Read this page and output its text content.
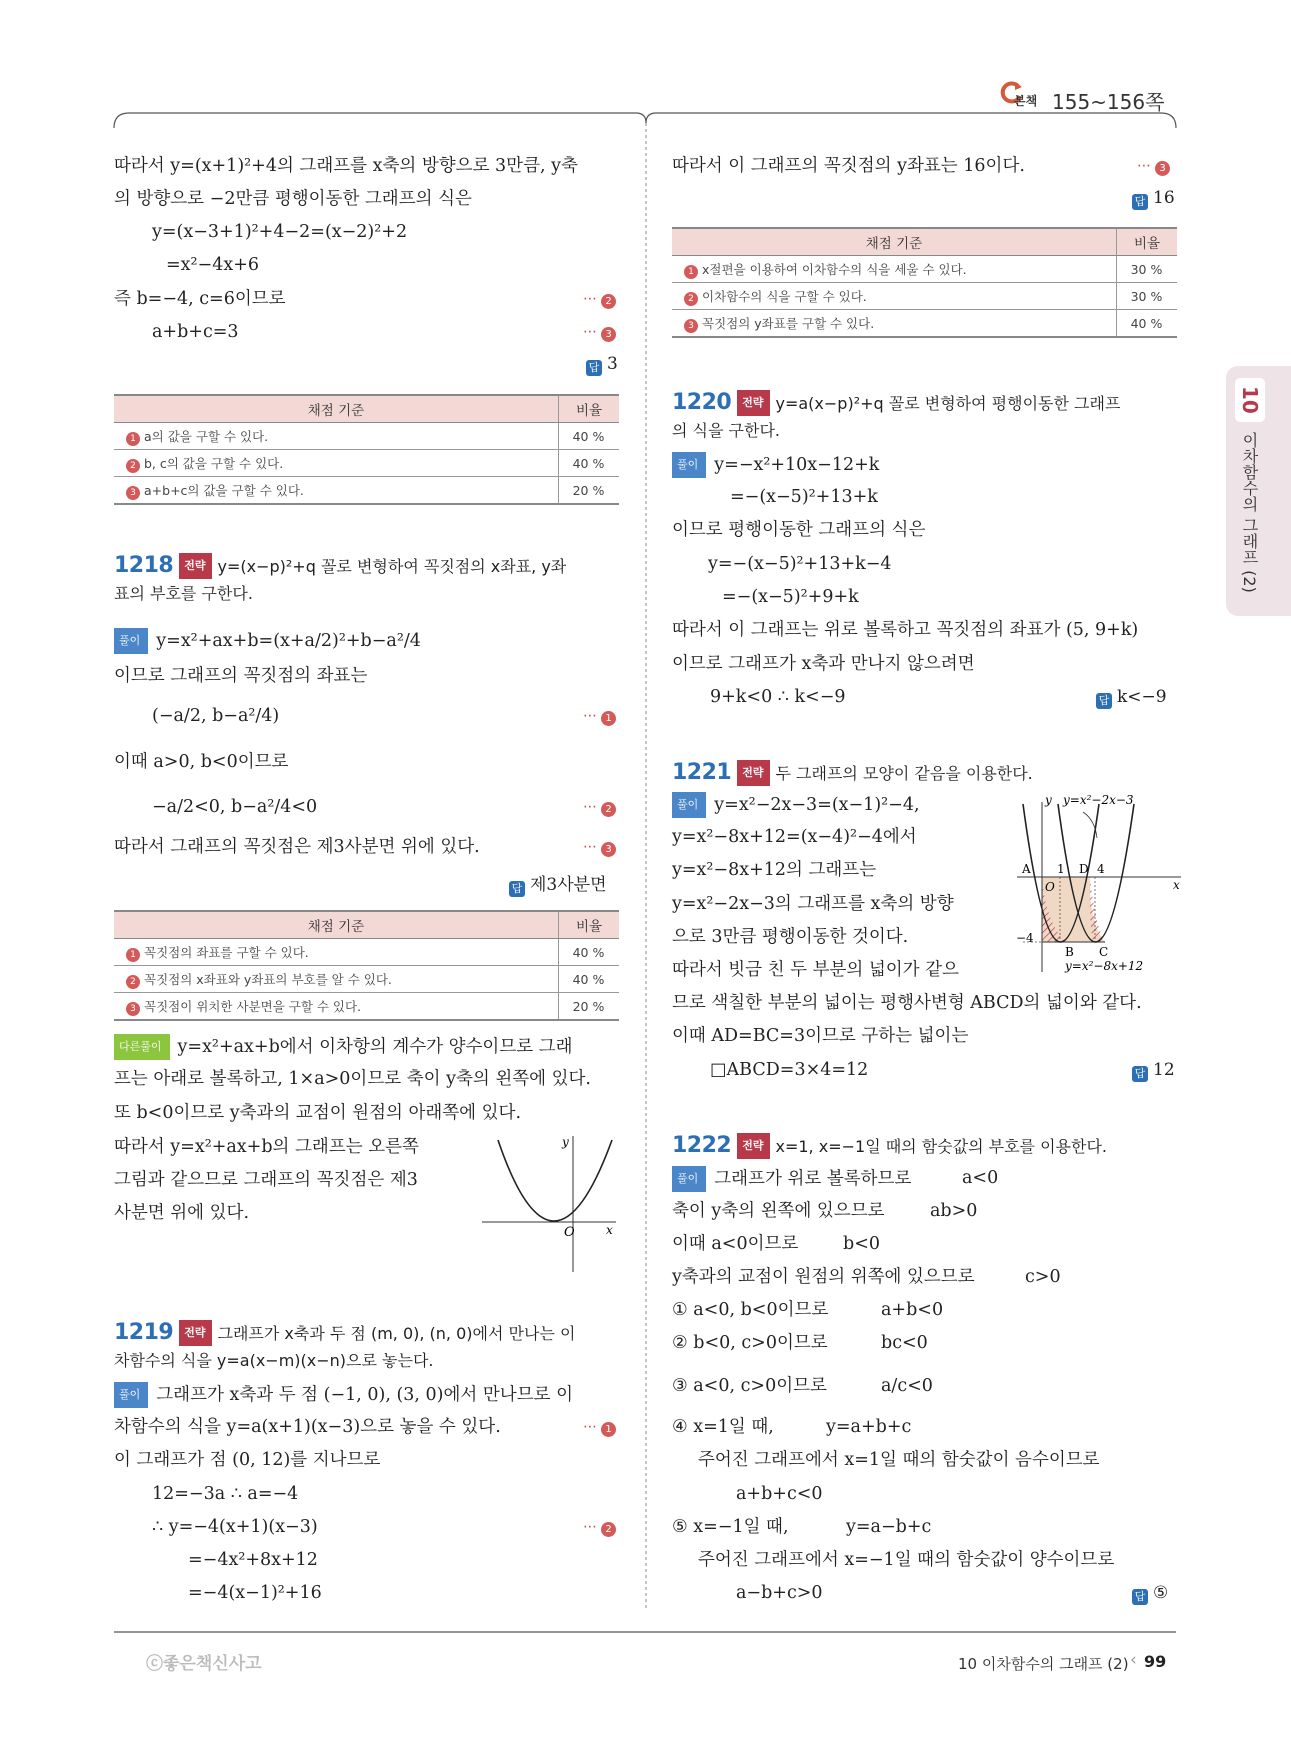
본책 155~156쪽
10
이차함수의 그래프 (2)
따라서 y=(x+1)²+4의 그래프를 x축의 방향으로 3만큼, y축
의 방향으로 −2만큼 평행이동한 그래프의 식은
y=(x−3+1)²+4−2=(x−2)²+2
=x²−4x+6
즉 b=−4, c=6이므로	⋯ 2
a+b+c=3	⋯ 3
답 3
채점 기준	비율
1 a의 값을 구할 수 있다.	40 %
2 b, c의 값을 구할 수 있다.	40 %
3 a+b+c의 값을 구할 수 있다.	20 %
1218 전략 y=(x−p)²+q 꼴로 변형하여 꼭짓점의 x좌표, y좌
표의 부호를 구한다.
풀이 y=x²+ax+b=(x+a/2)²+b−a²/4
이므로 그래프의 꼭짓점의 좌표는
(−a/2, b−a²/4)	⋯ 1
이때 a>0, b<0이므로
−a/2<0, b−a²/4<0	⋯ 2
따라서 그래프의 꼭짓점은 제3사분면 위에 있다.	⋯ 3
답 제3사분면
채점 기준	비율
1 꼭짓점의 좌표를 구할 수 있다.	40 %
2 꼭짓점의 x좌표와 y좌표의 부호를 알 수 있다.	40 %
3 꼭짓점이 위치한 사분면을 구할 수 있다.	20 %
다른풀이 y=x²+ax+b에서 이차항의 계수가 양수이므로 그래
프는 아래로 볼록하고, 1×a>0이므로 축이 y축의 왼쪽에 있다.
또 b<0이므로 y축과의 교점이 원점의 아래쪽에 있다.
따라서 y=x²+ax+b의 그래프는 오른쪽
그림과 같으므로 그래프의 꼭짓점은 제3
사분면 위에 있다.
O
y
x
1219 전략 그래프가 x축과 두 점 (m, 0), (n, 0)에서 만나는 이
차함수의 식을 y=a(x−m)(x−n)으로 놓는다.
풀이 그래프가 x축과 두 점 (−1, 0), (3, 0)에서 만나므로 이
차함수의 식을 y=a(x+1)(x−3)으로 놓을 수 있다.	⋯ 1
이 그래프가 점 (0, 12)를 지나므로
12=−3a ∴ a=−4
∴ y=−4(x+1)(x−3)	⋯ 2
=−4x²+8x+12
=−4(x−1)²+16
따라서 이 그래프의 꼭짓점의 y좌표는 16이다.	⋯ 3
답 16
채점 기준	비율
1 x절편을 이용하여 이차함수의 식을 세울 수 있다.	30 %
2 이차함수의 식을 구할 수 있다.	30 %
3 꼭짓점의 y좌표를 구할 수 있다.	40 %
1220 전략 y=a(x−p)²+q 꼴로 변형하여 평행이동한 그래프
의 식을 구한다.
풀이 y=−x²+10x−12+k
=−(x−5)²+13+k
이므로 평행이동한 그래프의 식은
y=−(x−5)²+13+k−4
=−(x−5)²+9+k
따라서 이 그래프는 위로 볼록하고 꼭짓점의 좌표가 (5, 9+k)
이므로 그래프가 x축과 만나지 않으려면
9+k<0 ∴ k<−9	답 k<−9
1221 전략 두 그래프의 모양이 같음을 이용한다.
풀이 y=x²−2x−3=(x−1)²−4,
y=x²−8x+12=(x−4)²−4에서
y=x²−8x+12의 그래프는
y=x²−2x−3의 그래프를 x축의 방향
으로 3만큼 평행이동한 것이다.
따라서 빗금 친 두 부분의 넓이가 같으
므로 색칠한 부분의 넓이는 평행사변형 ABCD의 넓이와 같다.
이때 AD=BC=3이므로 구하는 넓이는
□ABCD=3×4=12	답 12
y y=x²−2x−3
x
A 1 D 4
O
−4
B C
y=x²−8x+12
1222 전략 x=1, x=−1일 때의 함숫값의 부호를 이용한다.
풀이 그래프가 위로 볼록하므로	a<0
축이 y축의 왼쪽에 있으므로	ab>0
이때 a<0이므로	b<0
y축과의 교점이 원점의 위쪽에 있으므로	c>0
① a<0, b<0이므로	a+b<0
② b<0, c>0이므로	bc<0
③ a<0, c>0이므로	a/c<0
④ x=1일 때,	y=a+b+c
주어진 그래프에서 x=1일 때의 함숫값이 음수이므로
a+b+c<0
⑤ x=−1일 때,	y=a−b+c
주어진 그래프에서 x=−1일 때의 함숫값이 양수이므로
a−b+c>0	답 ⑤
ⓒ좋은책신사고	10 이차함수의 그래프 (2) ‹ 99
